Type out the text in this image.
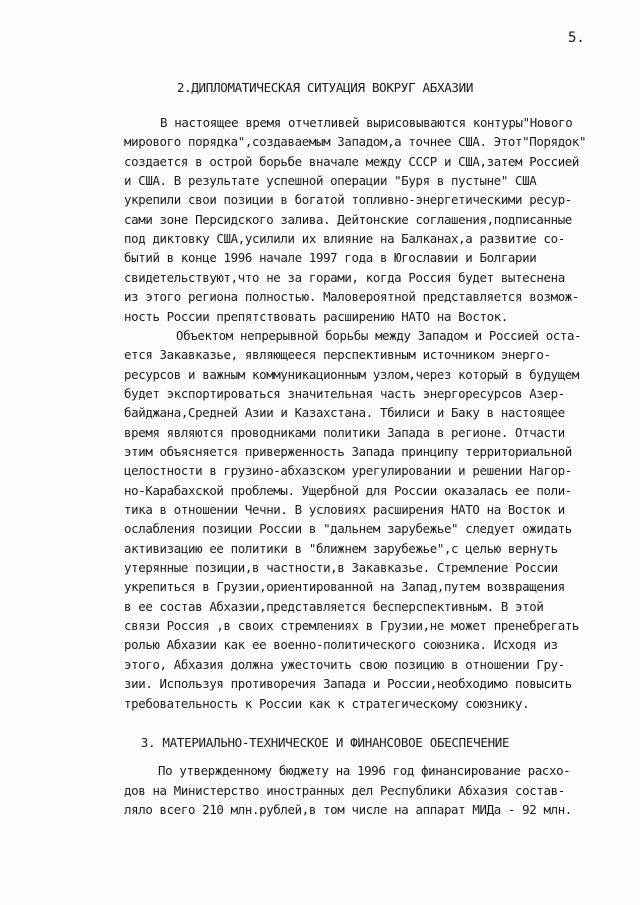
5.
2.ДИПЛОМАТИЧЕСКАЯ СИТУАЦИЯ ВОКРУГ АБХАЗИИ
В настоящее время отчетливей вырисовываются контуры"Нового
мирового порядка",создаваемым Западом,а точнее США. Этот"Порядок"
создается в острой борьбе вначале между СССР и США,затем Россией
и США. В результате успешной операции "Буря в пустыне" США
укрепили свои позиции в богатой топливно-энергетическими ресур-
сами зоне Персидского залива. Дейтонские соглашения,подписанные
под диктовку США,усилили их влияние на Балканах,а развитие со-
бытий в конце 1996 начале 1997 года в Югославии и Болгарии
свидетельствуют,что не за горами, когда Россия будет вытеснена
из этого региона полностью. Маловероятной представляется возмож-
ность России препятствовать расширению НАТО на Восток.
Объектом непрерывной борьбы между Западом и Россией оста-
ется Закавказье, являющееся перспективным источником энерго-
ресурсов и важным коммуникационным узлом,через который в будущем
будет экспортироваться значительная часть энергоресурсов Азер-
байджана,Средней Азии и Казахстана. Тбилиси и Баку в настоящее
время являются проводниками политики Запада в регионе. Отчасти
этим объясняется приверженность Запада принципу территориальной
целостности в грузино-абхазском урегулировании и решении Нагор-
но-Карабахской проблемы. Ущербной для России оказалась ее поли-
тика в отношении Чечни. В условиях расширения НАТО на Восток и
ослабления позиции России в "дальнем зарубежье" следует ожидать
активизацию ее политики в "ближнем зарубежье",с целью вернуть
утерянные позиции,в частности,в Закавказье. Стремление России
укрепиться в Грузии,ориентированной на Запад,путем возвращения
в ее состав Абхазии,представляется бесперспективным. В этой
связи Россия ,в своих стремлениях в Грузии,не может пренебрегать
ролью Абхазии как ее военно-политического союзника. Исходя из
этого, Абхазия должна ужесточить свою позицию в отношении Гру-
зии. Используя противоречия Запада и России,необходимо повысить
требовательность к России как к стратегическому союзнику.
3. МАТЕРИАЛЬНО-ТЕХНИЧЕСКОЕ И ФИНАНСОВОЕ ОБЕСПЕЧЕНИЕ
По утвержденному бюджету на 1996 год финансирование расхо-
дов на Министерство иностранных дел Республики Абхазия состав-
ляло всего 210 млн.рублей,в том числе на аппарат МИДа - 92 млн.
